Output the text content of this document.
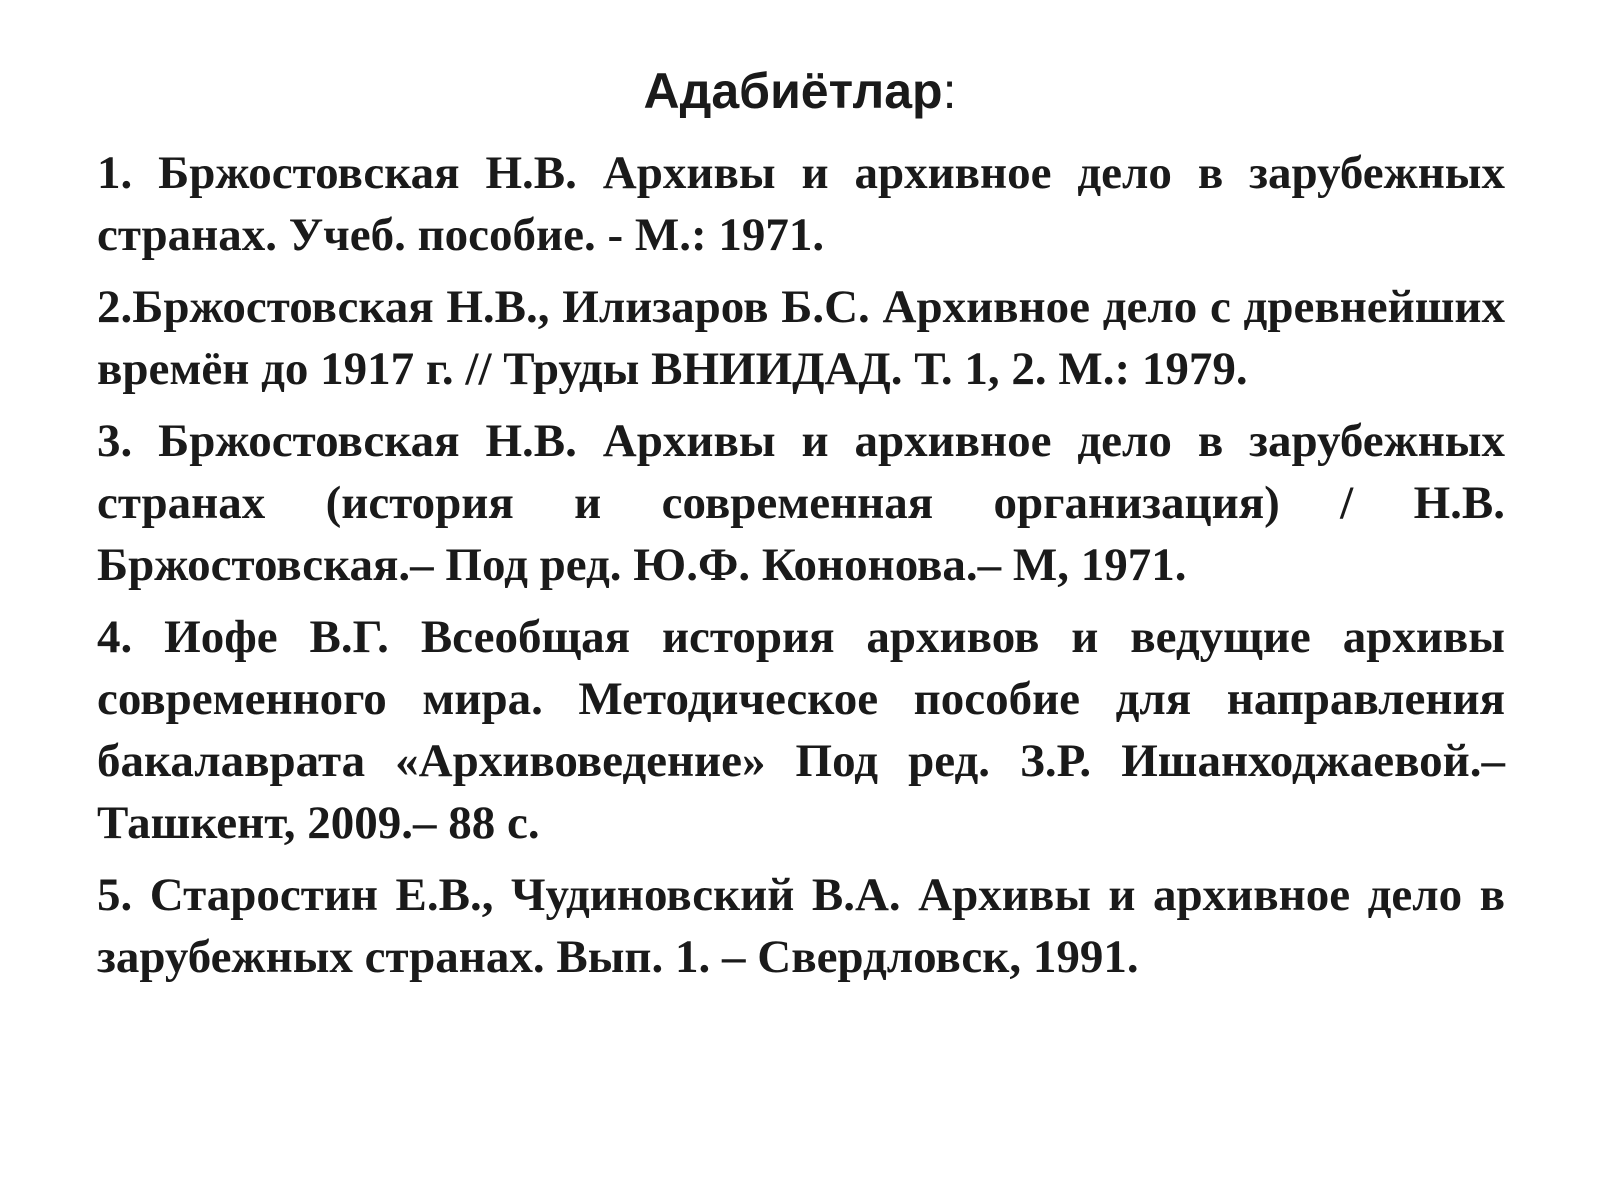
Адабиётлар:
1. Бржостовская Н.В. Архивы и архивное дело в зарубежных странах. Учеб. пособие. - М.: 1971.
2.Бржостовская Н.В., Илизаров Б.С. Архивное дело с древнейших времён до 1917 г. // Труды ВНИИДАД. Т. 1, 2. М.: 1979.
3. Бржостовская Н.В. Архивы и архивное дело в зарубежных странах (история и современная организация) / Н.В. Бржостовская.– Под ред. Ю.Ф. Кононова.– М, 1971.
4. Иофе В.Г. Всеобщая история архивов и ведущие архивы современного мира. Методическое пособие для направления бакалаврата «Архивоведение» Под ред. З.Р. Ишанходжаевой.– Ташкент, 2009.– 88 с.
5. Старостин Е.В., Чудиновский В.А. Архивы и архивное дело в зарубежных странах. Вып. 1. – Свердловск, 1991.
